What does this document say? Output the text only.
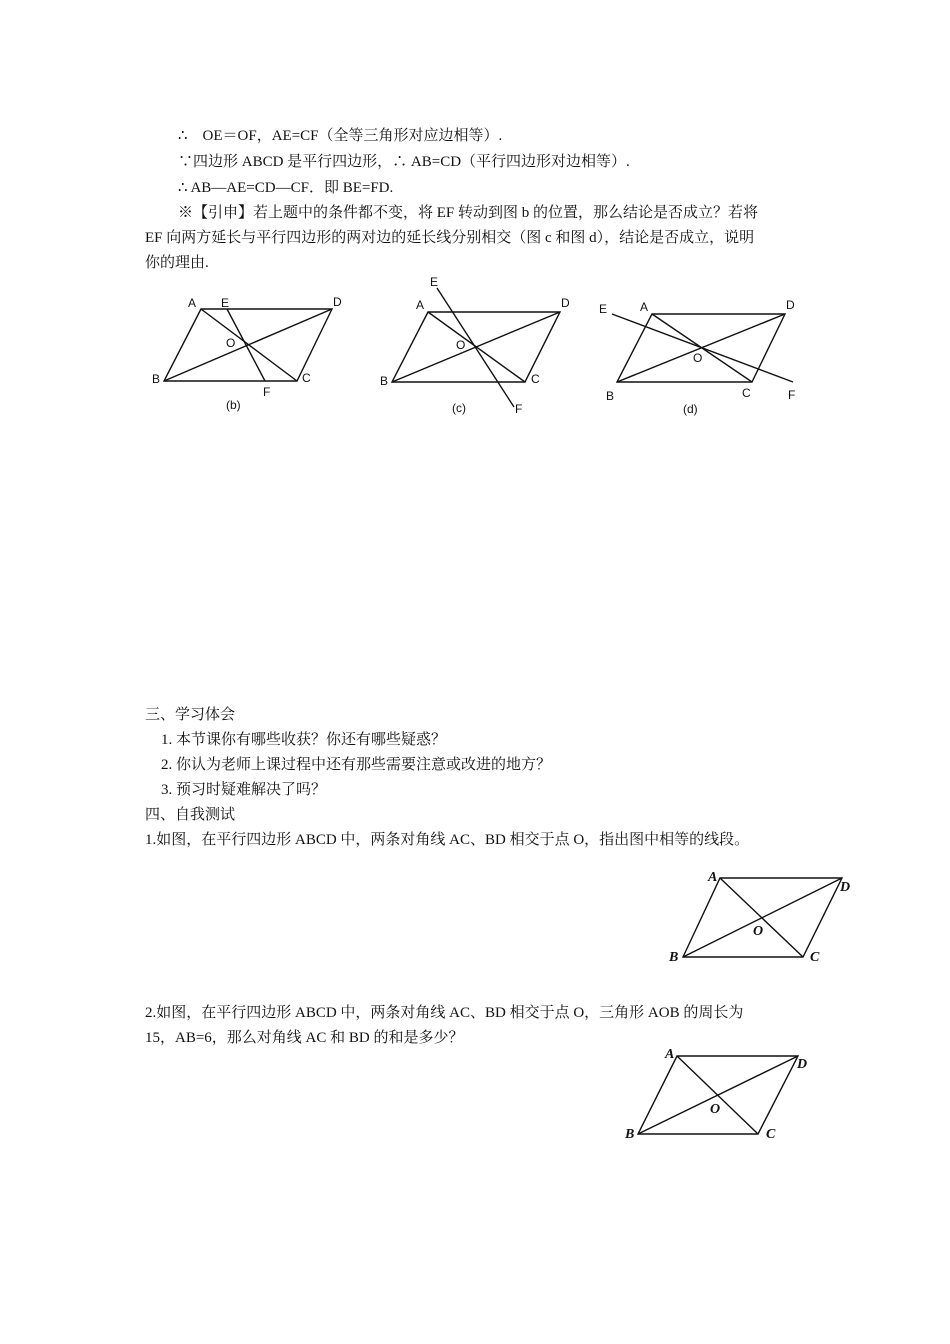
∴　OE＝OF，AE=CF（全等三角形对应边相等）.
∵四边形 ABCD 是平行四边形，∴ AB=CD（平行四边形对边相等）.
∴ AB—AE=CD—CF．即 BE=FD.
※【引申】若上题中的条件都不变，将 EF 转动到图 b 的位置，那么结论是否成立？若将
EF 向两方延长与平行四边形的两对边的延长线分别相交（图 c 和图 d），结论是否成立，说明
你的理由.
A E	D
O
B
F
C
(b)
E
A	D
O
B	C
F
(c)
E	A	D
O
B	C	F
(d)
三、学习体会
1. 本节课你有哪些收获？你还有哪些疑惑？
2. 你认为老师上课过程中还有那些需要注意或改进的地方？
3. 预习时疑难解决了吗？
四、自我测试
1.如图，在平行四边形 ABCD 中，两条对角线 AC、BD 相交于点 O，指出图中相等的线段。
A
D
O
B	C
2.如图，在平行四边形 ABCD 中，两条对角线 AC、BD 相交于点 O，三角形 AOB 的周长为
15，AB=6，那么对角线 AC 和 BD 的和是多少？
A
D
O
B	C
